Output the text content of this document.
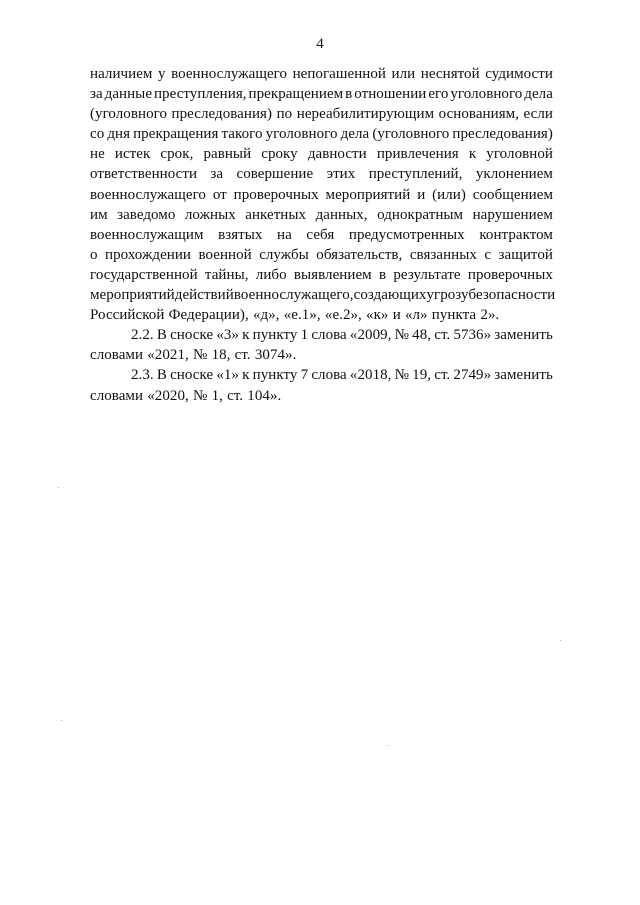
4
наличием у военнослужащего непогашенной или неснятой судимости
за данные преступления, прекращением в отношении его уголовного дела
(уголовного преследования) по нереабилитирующим основаниям, если
со дня прекращения такого уголовного дела (уголовного преследования)
не истек срок, равный сроку давности привлечения к уголовной
ответственности за совершение этих преступлений, уклонением
военнослужащего от проверочных мероприятий и (или) сообщением
им заведомо ложных анкетных данных, однократным нарушением
военнослужащим взятых на себя предусмотренных контрактом
о прохождении военной службы обязательств, связанных с защитой
государственной тайны, либо выявлением в результате проверочных
мероприятий действий военнослужащего, создающих угрозу безопасности
Российской Федерации), «д», «е.1», «е.2», «к» и «л» пункта 2».
2.2. В сноске «3» к пункту 1 слова «2009, № 48, ст. 5736» заменить
словами «2021, № 18, ст. 3074».
2.3. В сноске «1» к пункту 7 слова «2018, № 19, ст. 2749» заменить
словами «2020, № 1, ст. 104».
